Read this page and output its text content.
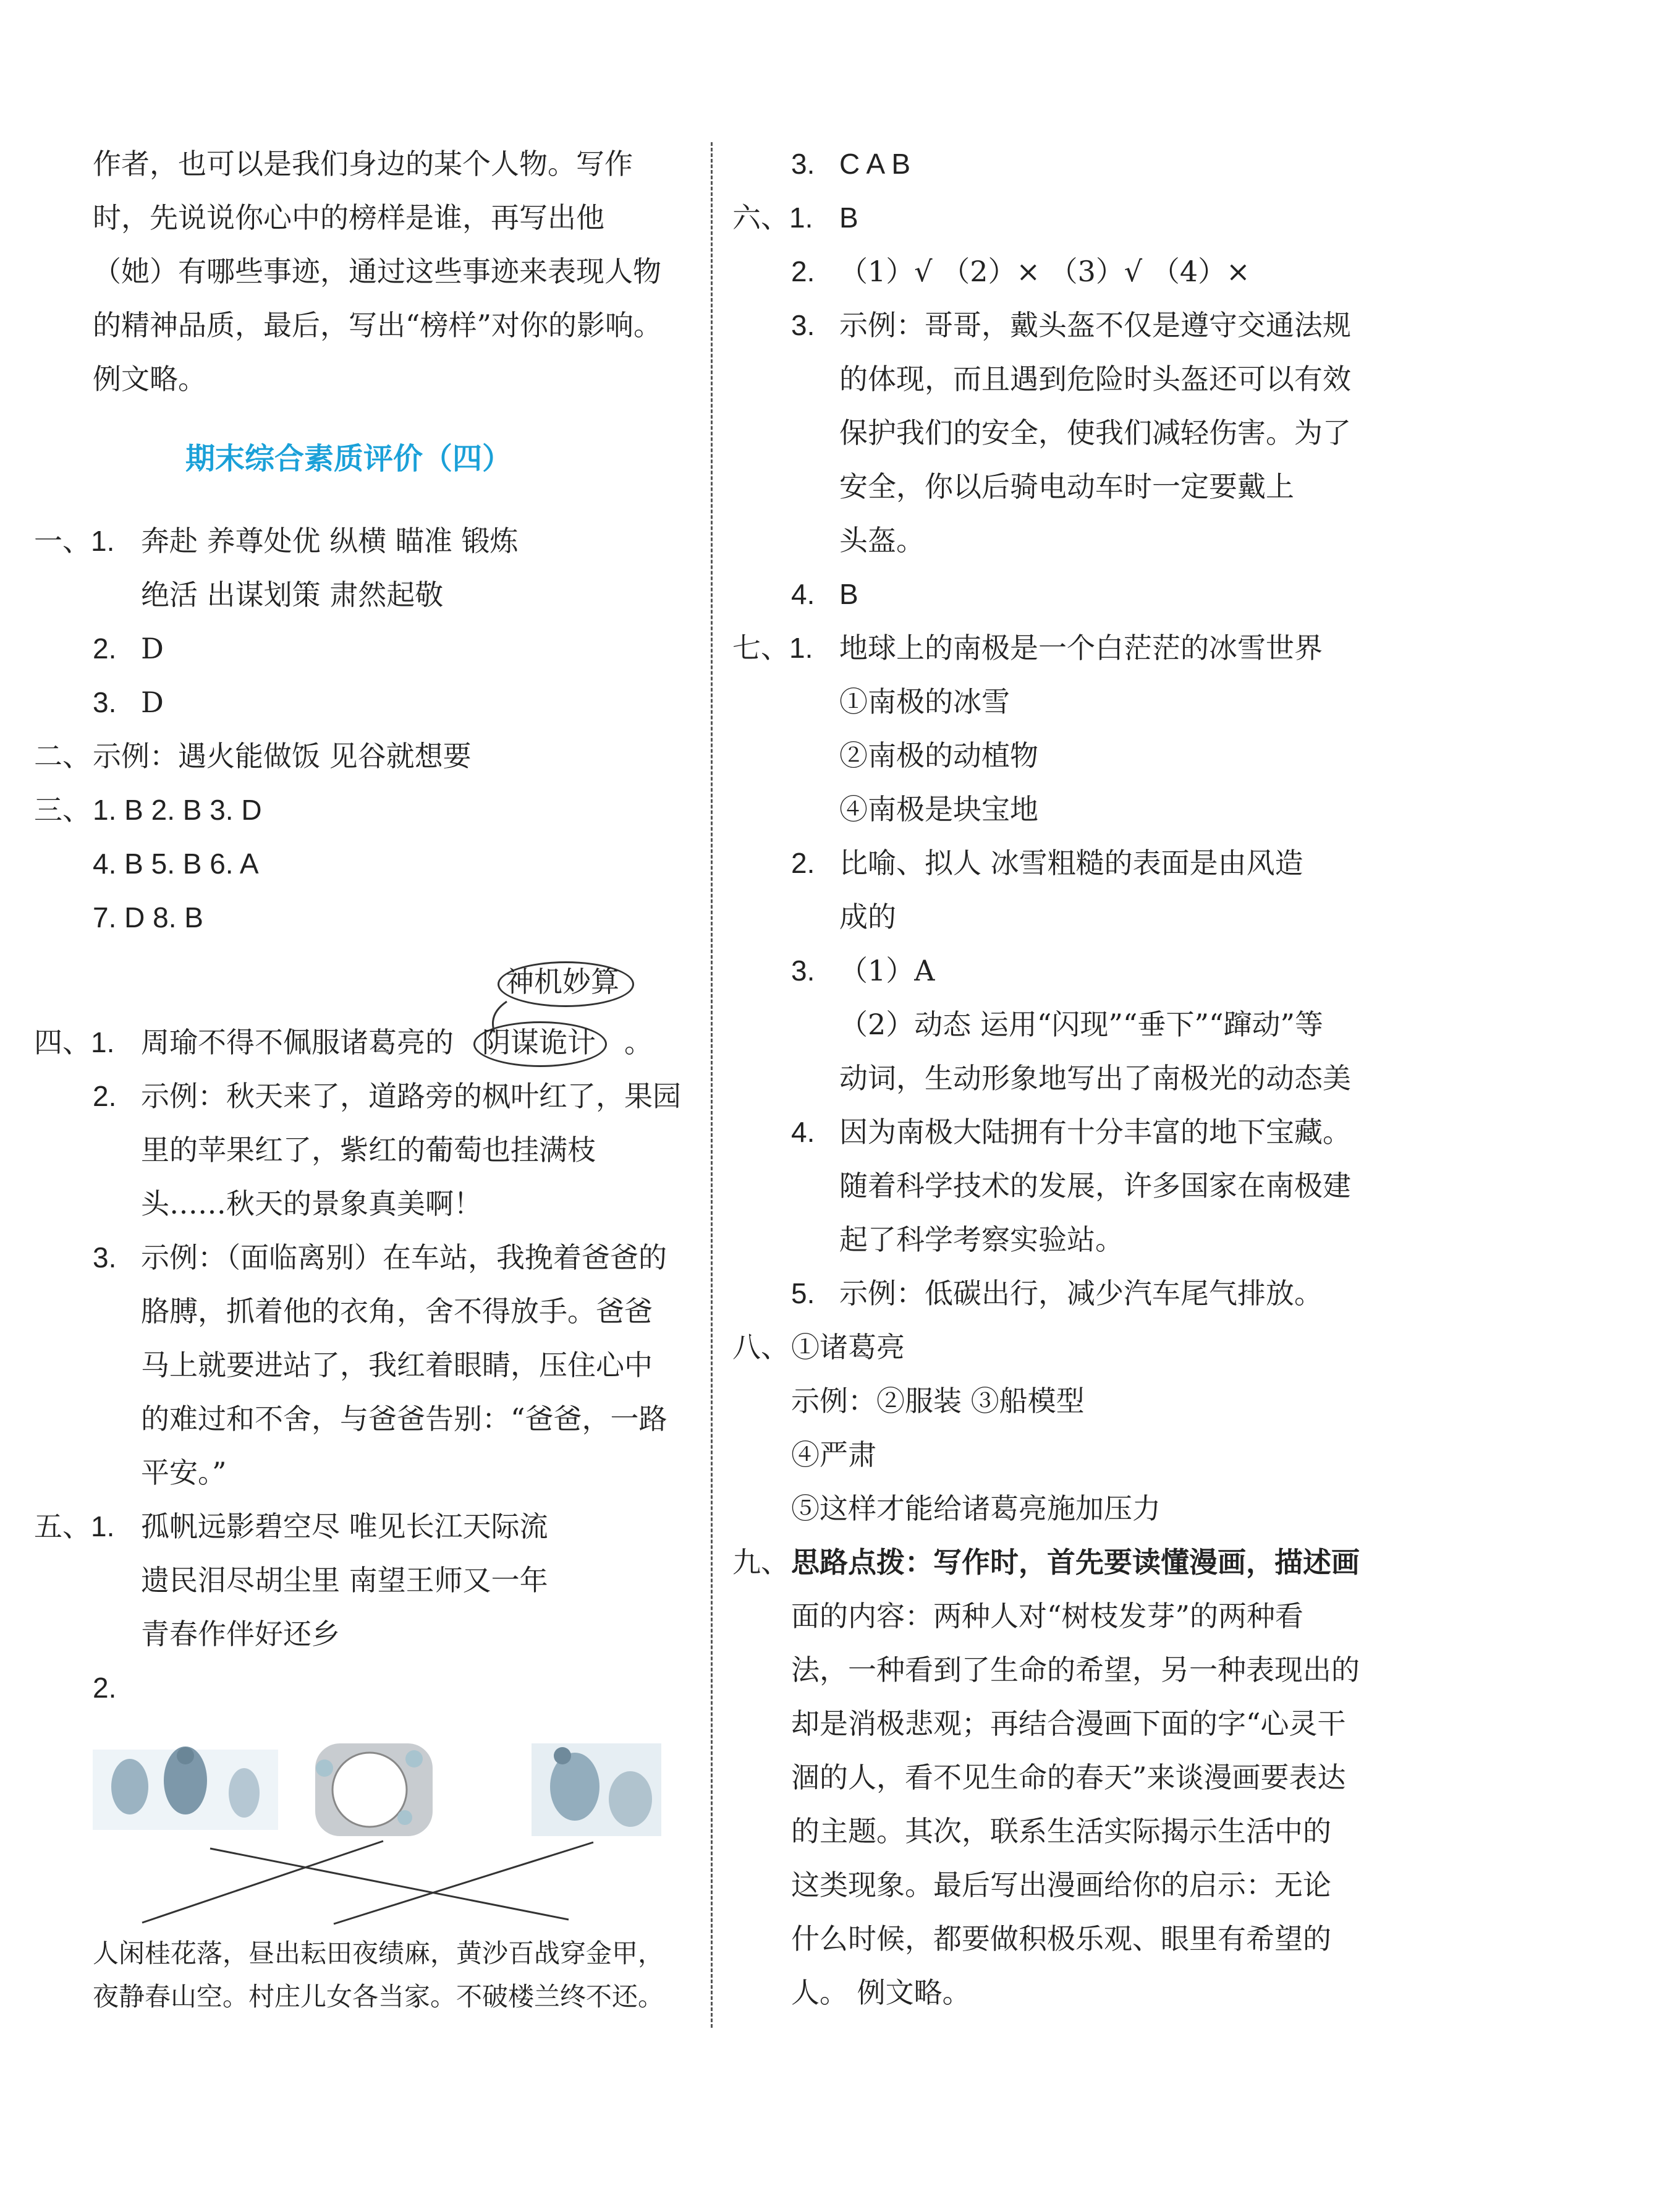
作者，也可以是我们身边的某个人物。写作
时，先说说你心中的榜样是谁，再写出他
（她）有哪些事迹，通过这些事迹来表现人物
的精神品质，最后，写出“榜样”对你的影响。
例文略。
期末综合素质评价（四）
一、1. 奔赴 养尊处优 纵横 瞄准 锻炼
绝活 出谋划策 肃然起敬
2. D
3. D
二、 示例：遇火能做饭 见谷就想要
三、 1. B 2. B 3. D
4. B 5. B 6. A
7. D 8. B
神机妙算
四、1. 周瑜不得不佩服诸葛亮的 阴谋诡计 。
2. 示例：秋天来了，道路旁的枫叶红了，果园
里的苹果红了，紫红的葡萄也挂满枝
头……秋天的景象真美啊！
3. 示例：（面临离别）在车站，我挽着爸爸的
胳膊，抓着他的衣角，舍不得放手。爸爸
马上就要进站了，我红着眼睛，压住心中
的难过和不舍，与爸爸告别：“爸爸，一路
平安。”
五、1. 孤帆远影碧空尽 唯见长江天际流
遗民泪尽胡尘里 南望王师又一年
青春作伴好还乡
2.
人闲桂花落，昼出耘田夜绩麻，黄沙百战穿金甲，
夜静春山空。村庄儿女各当家。不破楼兰终不还。
3. C A B
六、1. B
2. （1）√ （2）× （3）√ （4）×
3. 示例：哥哥，戴头盔不仅是遵守交通法规
的体现，而且遇到危险时头盔还可以有效
保护我们的安全，使我们减轻伤害。为了
安全，你以后骑电动车时一定要戴上
头盔。
4. B
七、1. 地球上的南极是一个白茫茫的冰雪世界
①南极的冰雪
②南极的动植物
④南极是块宝地
2. 比喻、拟人 冰雪粗糙的表面是由风造
成的
3. （1）A
（2）动态 运用“闪现”“垂下”“蹿动”等
动词，生动形象地写出了南极光的动态美
4. 因为南极大陆拥有十分丰富的地下宝藏。
随着科学技术的发展，许多国家在南极建
起了科学考察实验站。
5. 示例：低碳出行，减少汽车尾气排放。
八、 ①诸葛亮
示例：②服装 ③船模型
④严肃
⑤这样才能给诸葛亮施加压力
九、 思路点拨：写作时，首先要读懂漫画，描述画
面的内容：两种人对“树枝发芽”的两种看
法，一种看到了生命的希望，另一种表现出的
却是消极悲观；再结合漫画下面的字“心灵干
涸的人，看不见生命的春天”来谈漫画要表达
的主题。其次，联系生活实际揭示生活中的
这类现象。最后写出漫画给你的启示：无论
什么时候，都要做积极乐观、眼里有希望的
人。 例文略。
